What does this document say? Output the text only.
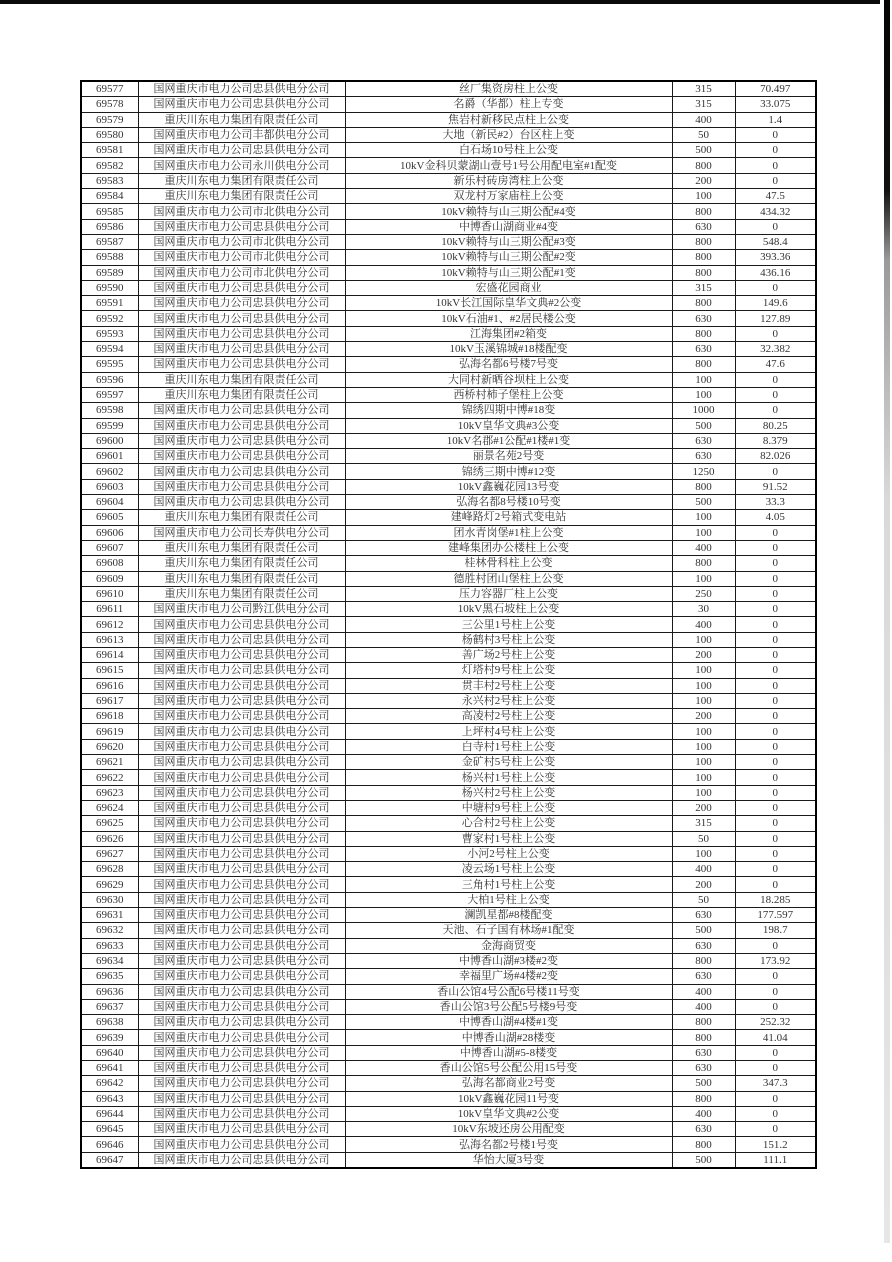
69577	国网重庆市电力公司忠县供电分公司	丝厂集资房柱上公变	315	70.497
69578	国网重庆市电力公司忠县供电分公司	名爵（华都）柱上专变	315	33.075
69579	重庆川东电力集团有限责任公司	焦岩村新移民点柱上公变	400	1.4
69580	国网重庆市电力公司丰都供电分公司	大地（新民#2）台区柱上变	50	0
69581	国网重庆市电力公司忠县供电分公司	白石场10号柱上公变	500	0
69582	国网重庆市电力公司永川供电分公司	10kV金科贝蒙湖山壹号1号公用配电室#1配变	800	0
69583	重庆川东电力集团有限责任公司	新乐村砖房湾柱上公变	200	0
69584	重庆川东电力集团有限责任公司	双龙村万家庙柱上公变	100	47.5
69585	国网重庆市电力公司市北供电分公司	10kV赖特与山三期公配#4变	800	434.32
69586	国网重庆市电力公司忠县供电分公司	中博香山湖商业#4变	630	0
69587	国网重庆市电力公司市北供电分公司	10kV赖特与山三期公配#3变	800	548.4
69588	国网重庆市电力公司市北供电分公司	10kV赖特与山三期公配#2变	800	393.36
69589	国网重庆市电力公司市北供电分公司	10kV赖特与山三期公配#1变	800	436.16
69590	国网重庆市电力公司忠县供电分公司	宏盛花园商业	315	0
69591	国网重庆市电力公司忠县供电分公司	10kV长江国际皇华文典#2公变	800	149.6
69592	国网重庆市电力公司忠县供电分公司	10kV石油#1、#2居民楼公变	630	127.89
69593	国网重庆市电力公司忠县供电分公司	江海集团#2箱变	800	0
69594	国网重庆市电力公司忠县供电分公司	10kV玉溪锦城#18楼配变	630	32.382
69595	国网重庆市电力公司忠县供电分公司	弘海名都6号楼7号变	800	47.6
69596	重庆川东电力集团有限责任公司	大同村新晒谷坝柱上公变	100	0
69597	重庆川东电力集团有限责任公司	西桥村柿子堡柱上公变	100	0
69598	国网重庆市电力公司忠县供电分公司	锦绣四期中博#18变	1000	0
69599	国网重庆市电力公司忠县供电分公司	10kV皇华文典#3公变	500	80.25
69600	国网重庆市电力公司忠县供电分公司	10kV名郡#1公配#1楼#1变	630	8.379
69601	国网重庆市电力公司忠县供电分公司	丽景名苑2号变	630	82.026
69602	国网重庆市电力公司忠县供电分公司	锦绣三期中博#12变	1250	0
69603	国网重庆市电力公司忠县供电分公司	10kV鑫巍花园13号变	800	91.52
69604	国网重庆市电力公司忠县供电分公司	弘海名都8号楼10号变	500	33.3
69605	重庆川东电力集团有限责任公司	建峰路灯2号箱式变电站	100	4.05
69606	国网重庆市电力公司长寿供电分公司	团水青岗堡#1柱上公变	100	0
69607	重庆川东电力集团有限责任公司	建峰集团办公楼柱上公变	400	0
69608	重庆川东电力集团有限责任公司	桂林骨科柱上公变	800	0
69609	重庆川东电力集团有限责任公司	德胜村团山堡柱上公变	100	0
69610	重庆川东电力集团有限责任公司	压力容器厂柱上公变	250	0
69611	国网重庆市电力公司黔江供电分公司	10kV黑石坡柱上公变	30	0
69612	国网重庆市电力公司忠县供电分公司	三公里1号柱上公变	400	0
69613	国网重庆市电力公司忠县供电分公司	杨鹤村3号柱上公变	100	0
69614	国网重庆市电力公司忠县供电分公司	善广场2号柱上公变	200	0
69615	国网重庆市电力公司忠县供电分公司	灯塔村9号柱上公变	100	0
69616	国网重庆市电力公司忠县供电分公司	贯丰村2号柱上公变	100	0
69617	国网重庆市电力公司忠县供电分公司	永兴村2号柱上公变	100	0
69618	国网重庆市电力公司忠县供电分公司	高凌村2号柱上公变	200	0
69619	国网重庆市电力公司忠县供电分公司	上坪村4号柱上公变	100	0
69620	国网重庆市电力公司忠县供电分公司	白寺村1号柱上公变	100	0
69621	国网重庆市电力公司忠县供电分公司	金矿村5号柱上公变	100	0
69622	国网重庆市电力公司忠县供电分公司	杨兴村1号柱上公变	100	0
69623	国网重庆市电力公司忠县供电分公司	杨兴村2号柱上公变	100	0
69624	国网重庆市电力公司忠县供电分公司	中塘村9号柱上公变	200	0
69625	国网重庆市电力公司忠县供电分公司	心合村2号柱上公变	315	0
69626	国网重庆市电力公司忠县供电分公司	曹家村1号柱上公变	50	0
69627	国网重庆市电力公司忠县供电分公司	小河2号柱上公变	100	0
69628	国网重庆市电力公司忠县供电分公司	凌云场1号柱上公变	400	0
69629	国网重庆市电力公司忠县供电分公司	三角村1号柱上公变	200	0
69630	国网重庆市电力公司忠县供电分公司	大柏1号柱上公变	50	18.285
69631	国网重庆市电力公司忠县供电分公司	澜凯星都#8楼配变	630	177.597
69632	国网重庆市电力公司忠县供电分公司	天池、石子国有林场#1配变	500	198.7
69633	国网重庆市电力公司忠县供电分公司	金海商贸变	630	0
69634	国网重庆市电力公司忠县供电分公司	中博香山湖#3楼#2变	800	173.92
69635	国网重庆市电力公司忠县供电分公司	幸福里广场#4楼#2变	630	0
69636	国网重庆市电力公司忠县供电分公司	香山公馆4号公配6号楼11号变	400	0
69637	国网重庆市电力公司忠县供电分公司	香山公馆3号公配5号楼9号变	400	0
69638	国网重庆市电力公司忠县供电分公司	中博香山湖#4楼#1变	800	252.32
69639	国网重庆市电力公司忠县供电分公司	中博香山湖#28楼变	800	41.04
69640	国网重庆市电力公司忠县供电分公司	中博香山湖#5-8楼变	630	0
69641	国网重庆市电力公司忠县供电分公司	香山公馆5号公配公用15号变	630	0
69642	国网重庆市电力公司忠县供电分公司	弘海名都商业2号变	500	347.3
69643	国网重庆市电力公司忠县供电分公司	10kV鑫巍花园11号变	800	0
69644	国网重庆市电力公司忠县供电分公司	10kV皇华文典#2公变	400	0
69645	国网重庆市电力公司忠县供电分公司	10kV东坡还房公用配变	630	0
69646	国网重庆市电力公司忠县供电分公司	弘海名都2号楼1号变	800	151.2
69647	国网重庆市电力公司忠县供电分公司	华怡大厦3号变	500	111.1
